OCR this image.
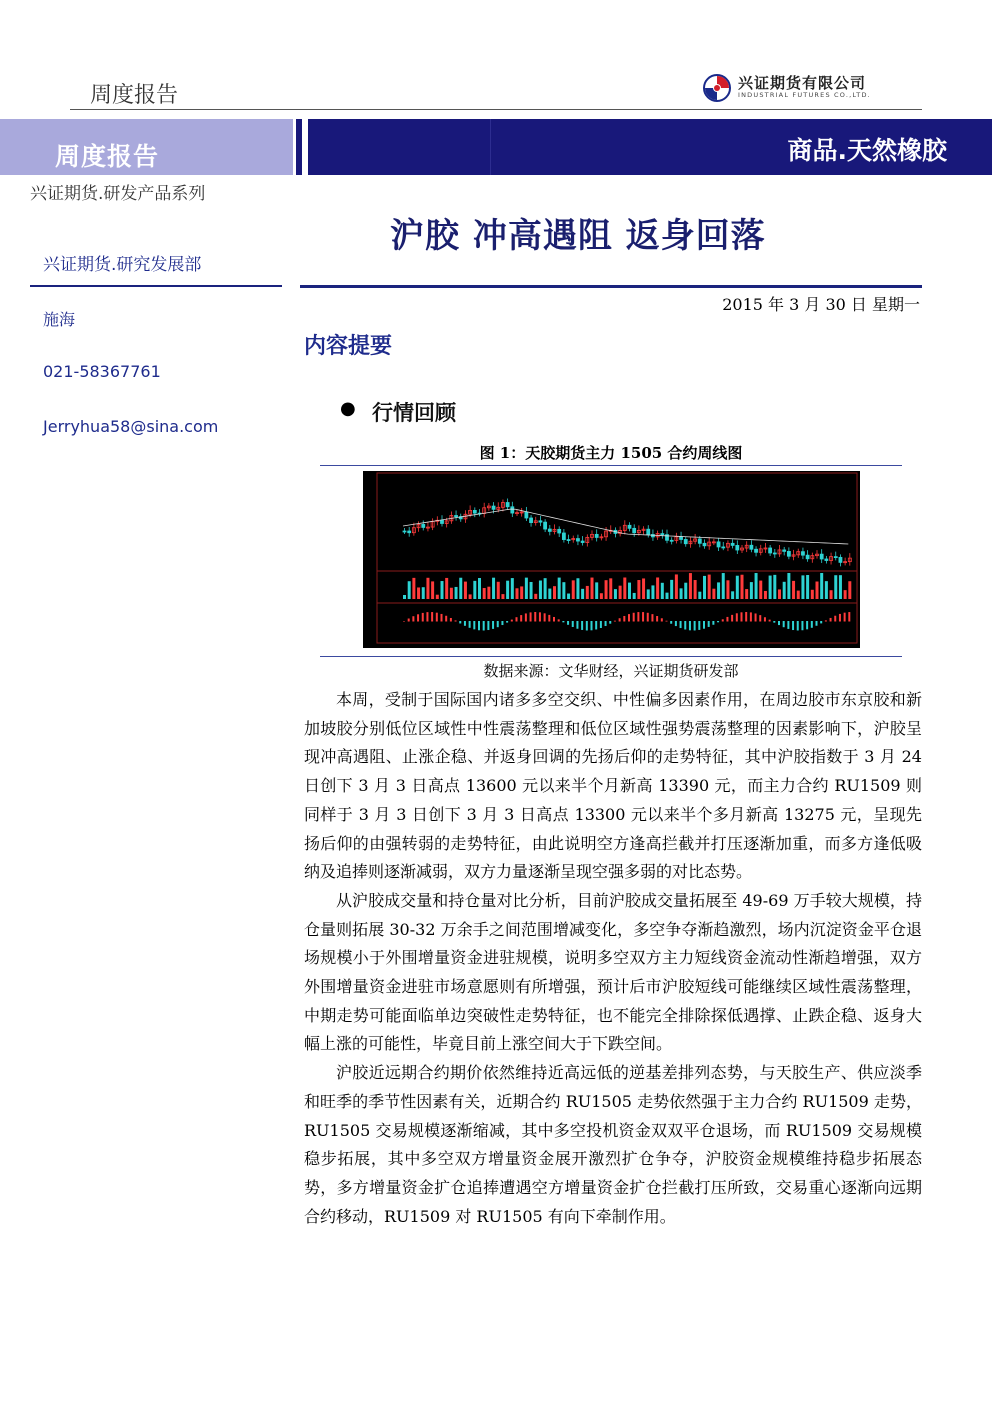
周度报告	兴证期货有限公司
INDUSTRIAL FUTURES CO.,LTD.
周度报告	商品.天然橡胶
兴证期货.研发产品系列
兴证期货.研究发展部
施海
021-58367761
Jerryhua58@sina.com
沪胶 冲高遇阻 返身回落
2015 年 3 月 30 日 星期一
内容提要
● 行情回顾
图 1：天胶期货主力 1505 合约周线图
数据来源：文华财经，兴证期货研发部

本周，受制于国际国内诸多多空交织、中性偏多因素作用，在周边胶市东京胶和新加坡胶分别低位区域性中性震荡整理和低位区域性强势震荡整理的因素影响下，沪胶呈现冲高遇阻、止涨企稳、并返身回调的先扬后仰的走势特征，其中沪胶指数于 3 月 24 日创下 3 月 3 日高点 13600 元以来半个月新高 13390 元，而主力合约 RU1509 则同样于 3 月 3 日创下 3 月 3 日高点 13300 元以来半个多月新高 13275 元，呈现先扬后仰的由强转弱的走势特征，由此说明空方逢高拦截并打压逐渐加重，而多方逢低吸纳及追捧则逐渐减弱，双方力量逐渐呈现空强多弱的对比态势。

从沪胶成交量和持仓量对比分析，目前沪胶成交量拓展至 49-69 万手较大规模，持仓量则拓展 30-32 万余手之间范围增减变化，多空争夺渐趋激烈，场内沉淀资金平仓退场规模小于外围增量资金进驻规模，说明多空双方主力短线资金流动性渐趋增强，双方外围增量资金进驻市场意愿则有所增强，预计后市沪胶短线可能继续区域性震荡整理，中期走势可能面临单边突破性走势特征，也不能完全排除探低遇撑、止跌企稳、返身大幅上涨的可能性，毕竟目前上涨空间大于下跌空间。

沪胶近远期合约期价依然维持近高远低的逆基差排列态势，与天胶生产、供应淡季和旺季的季节性因素有关，近期合约 RU1505 走势依然强于主力合约 RU1509 走势，RU1505 交易规模逐渐缩减，其中多空投机资金双双平仓退场，而 RU1509 交易规模稳步拓展，其中多空双方增量资金展开激烈扩仓争夺，沪胶资金规模维持稳步拓展态势，多方增量资金扩仓追捧遭遇空方增量资金扩仓拦截打压所致，交易重心逐渐向远期合约移动，RU1509 对 RU1505 有向下牵制作用。
